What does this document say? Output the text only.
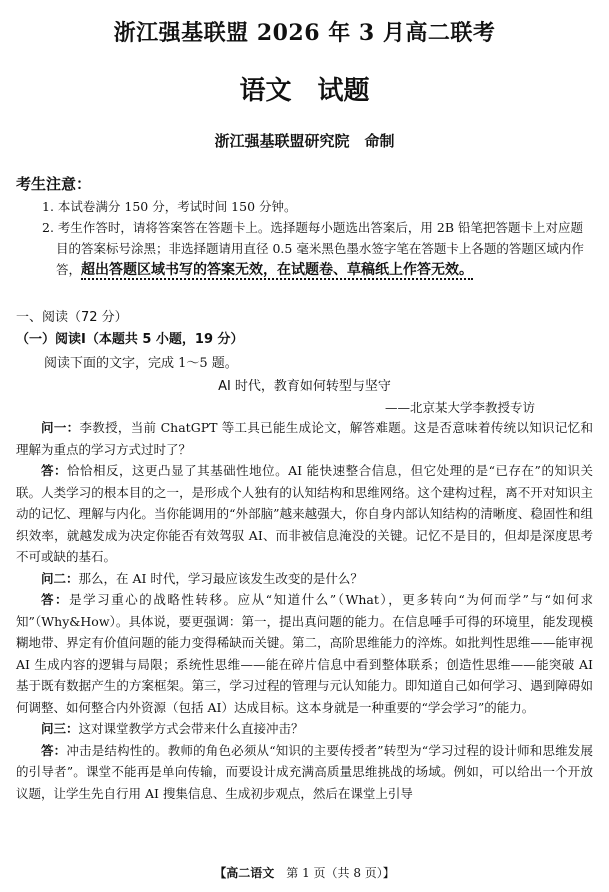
浙江强基联盟 2026 年 3 月高二联考
语文　试题
浙江强基联盟研究院　命制
考生注意：
1. 本试卷满分 150 分，考试时间 150 分钟。
2. 考生作答时，请将答案答在答题卡上。选择题每小题选出答案后，用 2B 铅笔把答题卡上对应题目的答案标号涂黑；非选择题请用直径 0.5 毫米黑色墨水签字笔在答题卡上各题的答题区域内作答，超出答题区域书写的答案无效，在试题卷、草稿纸上作答无效。
一、阅读（72 分）
（一）阅读Ⅰ（本题共 5 小题，19 分）
阅读下面的文字，完成 1～5 题。
AI 时代，教育如何转型与坚守
——北京某大学李教授专访

问一：李教授，当前 ChatGPT 等工具已能生成论文，解答难题。这是否意味着传统以知识记忆和理解为重点的学习方式过时了？

答：恰恰相反，这更凸显了其基础性地位。AI 能快速整合信息，但它处理的是“已存在”的知识关联。人类学习的根本目的之一，是形成个人独有的认知结构和思维网络。这个建构过程，离不开对知识主动的记忆、理解与内化。当你能调用的“外部脑”越来越强大，你自身内部认知结构的清晰度、稳固性和组织效率，就越发成为决定你能否有效驾驭 AI、而非被信息淹没的关键。记忆不是目的，但却是深度思考不可或缺的基石。

问二：那么，在 AI 时代，学习最应该发生改变的是什么？

答：是学习重心的战略性转移。应从“知道什么”（What），更多转向“为何而学”与“如何求知”（Why&How）。具体说，要更强调：第一，提出真问题的能力。在信息唾手可得的环境里，能发现模糊地带、界定有价值问题的能力变得稀缺而关键。第二，高阶思维能力的淬炼。如批判性思维——能审视 AI 生成内容的逻辑与局限；系统性思维——能在碎片信息中看到整体联系；创造性思维——能突破 AI 基于既有数据产生的方案框架。第三，学习过程的管理与元认知能力。即知道自己如何学习、遇到障碍如何调整、如何整合内外资源（包括 AI）达成目标。这本身就是一种重要的“学会学习”的能力。

问三：这对课堂教学方式会带来什么直接冲击？

答：冲击是结构性的。教师的角色必须从“知识的主要传授者”转型为“学习过程的设计师和思维发展的引导者”。课堂不能再是单向传输，而要设计成充满高质量思维挑战的场域。例如，可以给出一个开放议题，让学生先自行用 AI 搜集信息、生成初步观点，然后在课堂上引导

【高二语文　 第 1 页（共 8 页）】
